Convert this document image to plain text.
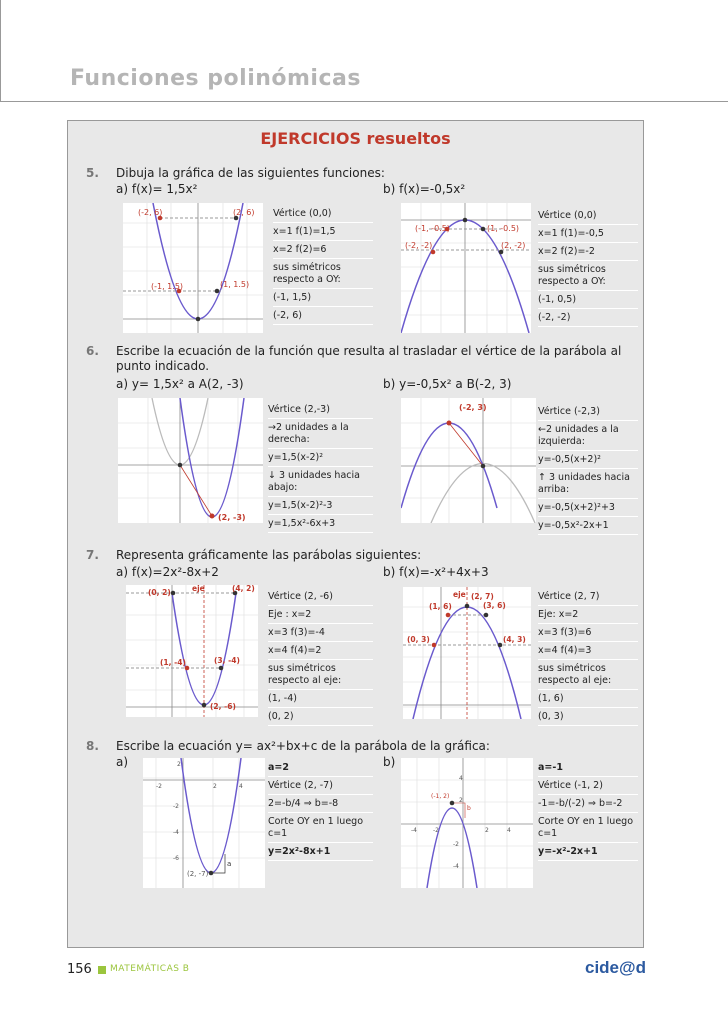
Funciones polinómicas
EJERCICIOS resueltos
5. Dibuja la gráfica de las siguientes funciones:
a) f(x)= 1,5x²	b) f(x)=-0,5x²
(-2, 6)	(2, 6)
(-1, 1.5)	(1, 1.5)
Vértice (0,0)
x=1 f(1)=1,5
x=2 f(2)=6
sus simétricos respecto a OY:
(-1, 1,5)
(-2, 6)
(-1, -0.5)	(1, -0.5)
(-2, -2)	(2, -2)
Vértice (0,0)
x=1 f(1)=-0,5
x=2 f(2)=-2
sus simétricos respecto a OY:
(-1, 0,5)
(-2, -2)
6. Escribe la ecuación de la función que resulta al trasladar el vértice de la parábola al punto indicado.
a) y= 1,5x² a A(2, -3)	b) y=-0,5x² a B(-2, 3)
(2, -3)
Vértice (2,-3)
→2 unidades a la derecha:
y=1,5(x-2)²
↓ 3 unidades hacia abajo:
y=1,5(x-2)²-3
y=1,5x²-6x+3
(-2, 3)	Vértice (-2,3)
←2 unidades a la izquierda:
y=-0,5(x+2)²
↑ 3 unidades hacia arriba:
y=-0,5(x+2)²+3
y=-0,5x²-2x+1
7. Representa gráficamente las parábolas siguientes:
a) f(x)=2x²-8x+2	b) f(x)=-x²+4x+3
(0, 2)	(4, 2)
(1, -4)	(3, -4)
(2, -6)
eje
Vértice (2, -6)
Eje : x=2
x=3 f(3)=-4
x=4 f(4)=2
sus simétricos respecto al eje:
(1, -4)
(0, 2)
(2, 7)
(1, 6)	(3, 6)
(0, 3)	(4, 3)
eje	Vértice (2, 7)
Eje: x=2
x=3 f(3)=6
x=4 f(4)=3
sus simétricos respecto al eje:
(1, 6)
(0, 3)
8. Escribe la ecuación y= ax²+bx+c de la parábola de la gráfica:
a)	b)
-2	2	4
2
-2
-4
-6
a
(2, -7)
a=2
Vértice (2, -7)
2=-b/4 ⇒ b=-8
Corte OY en 1 luego c=1
y=2x²-8x+1
4
2
-4	-2	2	4
-2
-4
b
(-1, 2)
a=-1
Vértice (-1, 2)
-1=-b/(-2) ⇒ b=-2
Corte OY en 1 luego c=1
y=-x²-2x+1
156 MATEMÁTICAS B	cide@d
